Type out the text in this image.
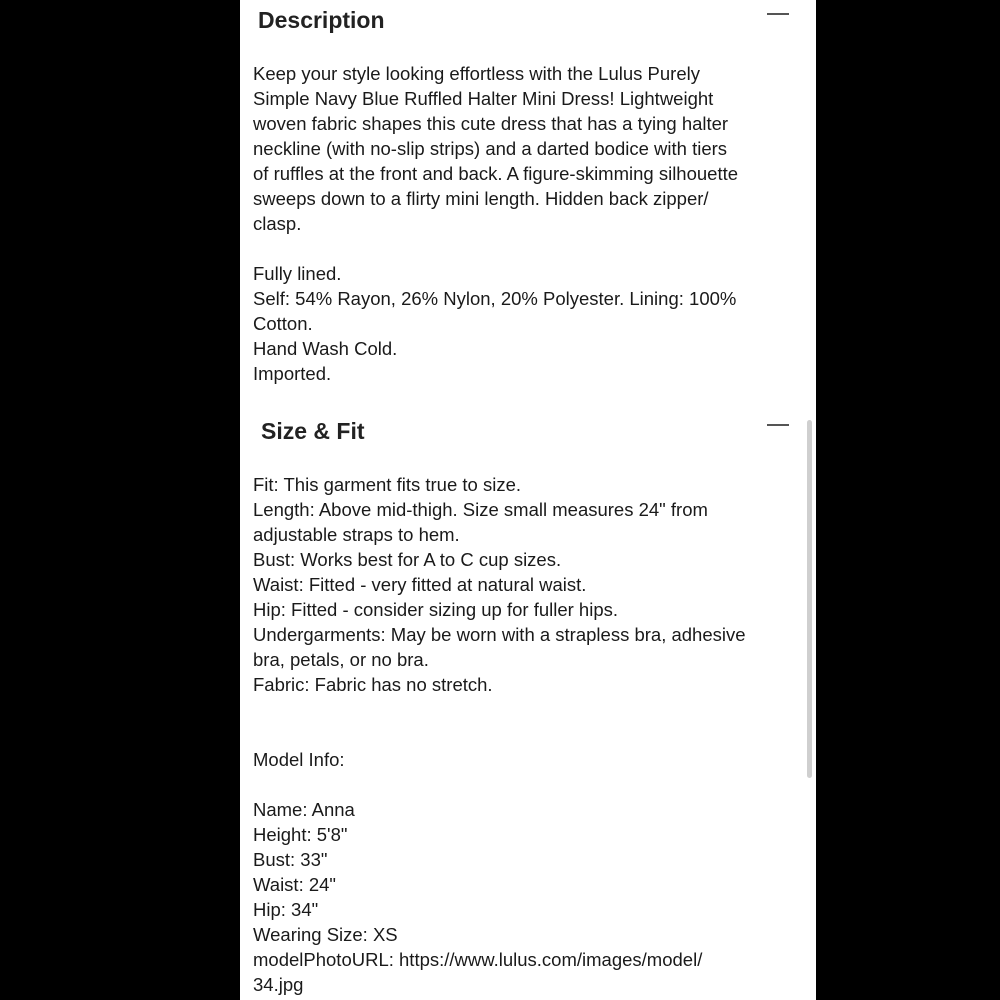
Description
Keep your style looking effortless with the Lulus Purely
Simple Navy Blue Ruffled Halter Mini Dress! Lightweight
woven fabric shapes this cute dress that has a tying halter
neckline (with no-slip strips) and a darted bodice with tiers
of ruffles at the front and back. A figure-skimming silhouette
sweeps down to a flirty mini length. Hidden back zipper/
clasp.
Fully lined.
Self: 54% Rayon, 26% Nylon, 20% Polyester. Lining: 100%
Cotton.
Hand Wash Cold.
Imported.
Size & Fit
Fit: This garment fits true to size.
Length: Above mid-thigh. Size small measures 24" from
adjustable straps to hem.
Bust: Works best for A to C cup sizes.
Waist: Fitted - very fitted at natural waist.
Hip: Fitted - consider sizing up for fuller hips.
Undergarments: May be worn with a strapless bra, adhesive
bra, petals, or no bra.
Fabric: Fabric has no stretch.
Model Info:
Name: Anna
Height: 5'8"
Bust: 33"
Waist: 24"
Hip: 34"
Wearing Size: XS
modelPhotoURL: https://www.lulus.com/images/model/
34.jpg
